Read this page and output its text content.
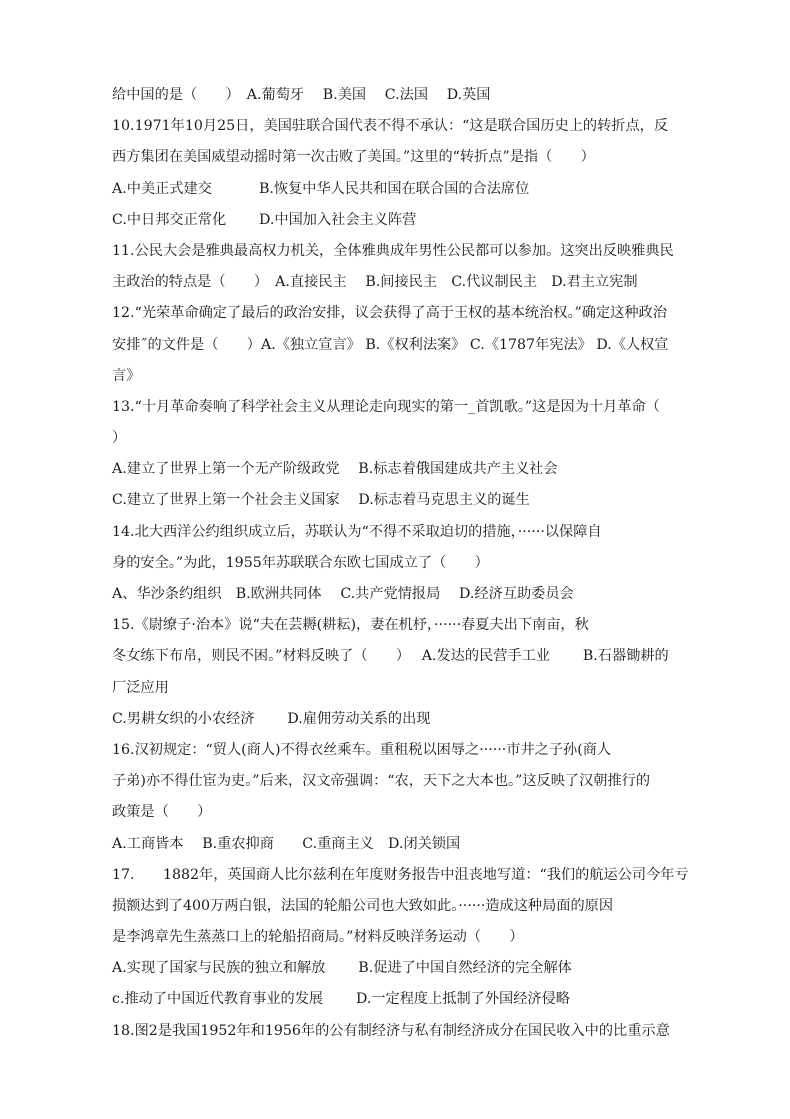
给中国的是（　　）　A.葡萄牙　 B.美国　 C.法国　 D.英国
10.1971年10月25日，美国驻联合国代表不得不承认：“这是联合国历史上的转折点，反
西方集团在美国威望动摇时第一次击败了美国。”这里的“转折点”是指（　　）
A.中美正式建交　　　 B.恢复中华人民共和国在联合国的合法席位
C.中日邦交正常化　　 D.中国加入社会主义阵营
11.公民大会是雅典最高权力机关，全体雅典成年男性公民都可以参加。这突出反映雅典民
主政治的特点是（　　）　A.直接民主　 B.间接民主　C.代议制民主　D.君主立宪制
12.“光荣革命确定了最后的政治安排，议会获得了高于王权的基本统治权。”确定这种政治
安排˝的文件是（　　）A.《独立宣言》 B.《权利法案》 C.《1787年宪法》 D.《人权宣
言》
13.“十月革命奏响了科学社会主义从理论走向现实的第一_首凯歌。”这是因为十月革命（
）
A.建立了世界上第一个无产阶级政党　 B.标志着俄国建成共产主义社会
C.建立了世界上第一个社会主义国家　 D.标志着马克思主义的诞生
14.北大西洋公约组织成立后，苏联认为“不得不采取迫切的措施，······以保障自
身的安全。”为此，1955年苏联联合东欧七国成立了（　　）
A、华沙条约组织　B.欧洲共同体　 C.共产党情报局　 D.经济互助委员会
15.《尉缭子·治本》说“夫在芸耨(耕耘)，妻在机杼，······春夏夫出下南亩，秋
冬女练下布帛，则民不困。”材料反映了（　　）　 A.发达的民营手工业　　 B.石器锄耕的
厂泛应用
C.男耕女织的小农经济　　 D.雇佣劳动关系的出现
16.汉初规定：“贸人(商人)不得衣丝乘车。重租税以困辱之······市井之子孙(商人
子弟)亦不得仕宦为吏。”后来，汉文帝强调：“农，天下之大本也。”这反映了汉朝推行的
政策是（　　）
A.工商皆本　 B.重农抑商　　C.重商主义　D.闭关锁国
17.　　1882年，英国商人比尔兹利在年度财务报告中沮丧地写道：“我们的航运公司今年亏
损额达到了400万两白银，法国的轮船公司也大致如此。······造成这种局面的原因
是李鸿章先生蒸蒸口上的轮船招商局。”材料反映洋务运动（　　）
A.实现了国家与民族的独立和解放　　 B.促进了中国自然经济的完全解体
c.推动了中国近代教育事业的发展　　 D.一定程度上抵制了外国经济侵略
18.图2是我国1952年和1956年的公有制经济与私有制经济成分在国民收入中的比重示意
